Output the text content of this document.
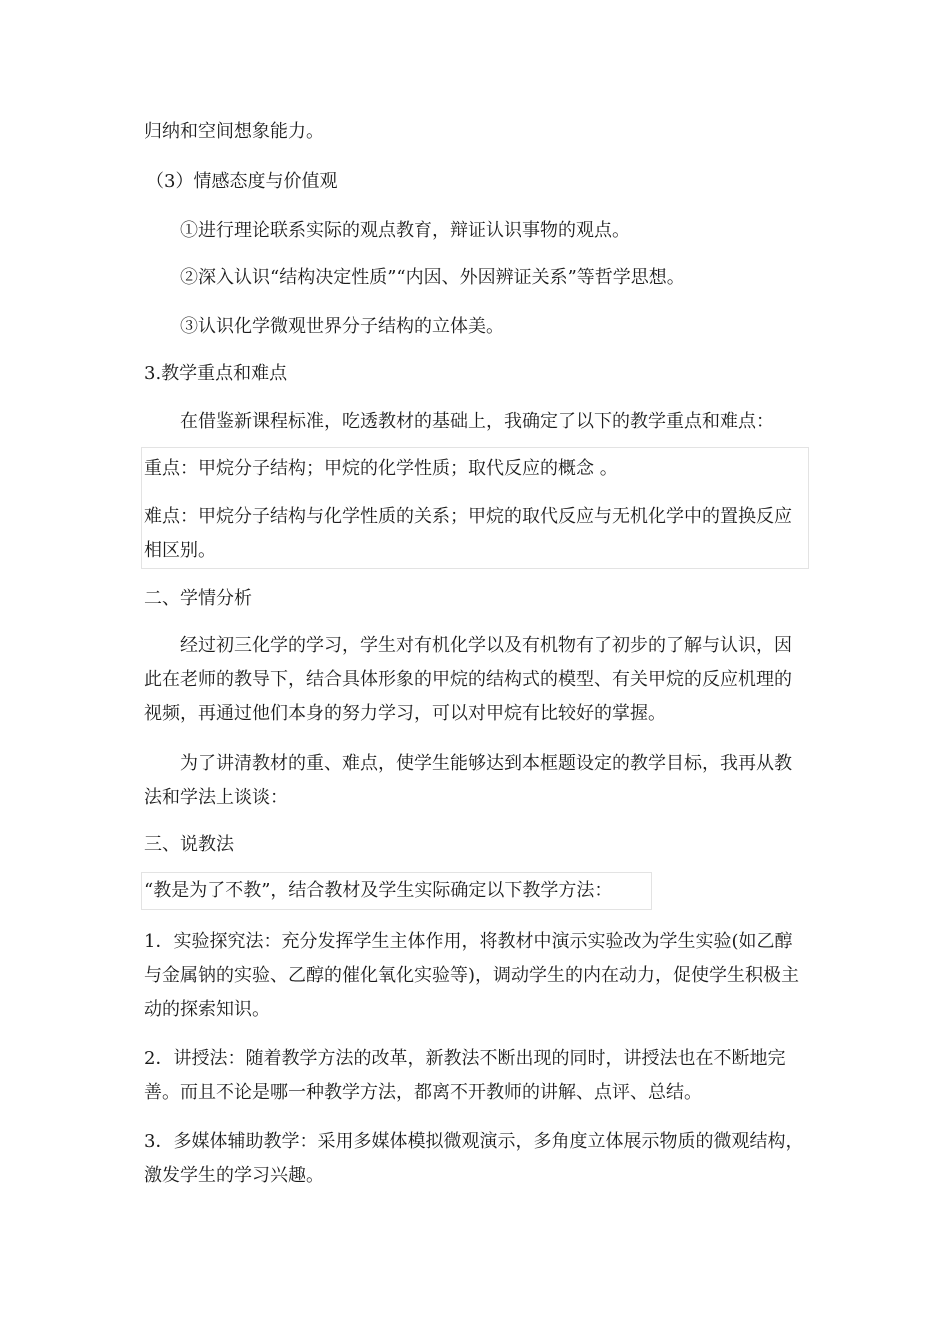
归纳和空间想象能力。
（3）情感态度与价值观
①进行理论联系实际的观点教育，辩证认识事物的观点。
②深入认识“结构决定性质”“内因、外因辨证关系”等哲学思想。
③认识化学微观世界分子结构的立体美。
3.教学重点和难点
在借鉴新课程标准，吃透教材的基础上，我确定了以下的教学重点和难点：
重点：甲烷分子结构；甲烷的化学性质；取代反应的概念 。
难点：甲烷分子结构与化学性质的关系；甲烷的取代反应与无机化学中的置换反应相区别。
二、学情分析
经过初三化学的学习，学生对有机化学以及有机物有了初步的了解与认识，因此在老师的教导下，结合具体形象的甲烷的结构式的模型、有关甲烷的反应机理的视频，再通过他们本身的努力学习，可以对甲烷有比较好的掌握。
为了讲清教材的重、难点，使学生能够达到本框题设定的教学目标，我再从教法和学法上谈谈：
三、说教法
“教是为了不教”，结合教材及学生实际确定以下教学方法：
1．实验探究法：充分发挥学生主体作用，将教材中演示实验改为学生实验(如乙醇与金属钠的实验、乙醇的催化氧化实验等)，调动学生的内在动力，促使学生积极主动的探索知识。
2．讲授法：随着教学方法的改革，新教法不断出现的同时，讲授法也在不断地完善。而且不论是哪一种教学方法，都离不开教师的讲解、点评、总结。
3．多媒体辅助教学：采用多媒体模拟微观演示，多角度立体展示物质的微观结构，激发学生的学习兴趣。
